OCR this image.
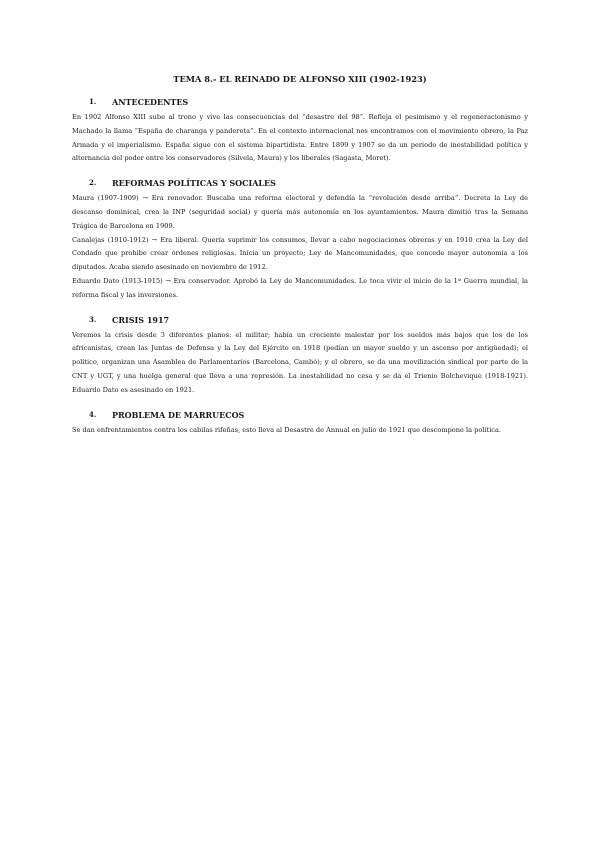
TEMA 8.- EL REINADO DE ALFONSO XIII (1902-1923)
1.	ANTECEDENTES

En 1902 Alfonso XIII sube al trono y vive las consecuencias del “desastre del 98”. Refleja el pesimismo y el regeneracionismo y Machado la llama “España de charanga y pandereta”. En el contexto internacional nos encontramos con el movimiento obrero, la Paz Armada y el imperialismo. España sigue con el sistema bipartidista. Entre 1899 y 1907 se da un periodo de inestabilidad política y alternancia del poder entre los conservadores (Silvela, Maura) y los liberales (Sagasta, Moret).

2.	REFORMAS POLÍTICAS Y SOCIALES

Maura (1907-1909) → Era renovador. Buscaba una reforma electoral y defendía la “revolución desde arriba”. Decreta la Ley de descanso dominical, crea la INP (seguridad social) y quería más autonomía en los ayuntamientos. Maura dimitió tras la Semana Trágica de Barcelona en 1909.

Canalejas (1910-1912) → Era liberal. Quería suprimir los consumos, llevar a cabo negociaciones obreras y en 1910 crea la Ley del Condado que prohibe crear órdenes religiosas. Inicia un proyecto; Ley de Mancomunidades, que concede mayor autonomía a los diputados. Acaba siendo asesinado en noviembre de 1912.

Eduardo Dato (1913-1915) → Era conservador. Aprobó la Ley de Mancomunidades. Le toca vivir el inicio de la 1ª Guerra mundial, la reforma fiscal y las inversiones.

3.	CRISIS 1917

Veremos la crisis desde 3 diferentes planos: el militar; había un creciente malestar por los sueldos más bajos que los de los africanistas, crean las Juntas de Defensa y la Ley del Ejército en 1918 (pedían un mayor sueldo y un ascenso por antigüedad); el político, organizan una Asamblea de Parlamentarios (Barcelona, Cambó); y el obrero, se da una movilización sindical por parte de la CNT y UGT, y una huelga general que lleva a una represión. La inestabilidad no cesa y se da el Trienio Bolchevique (1918-1921). Eduardo Dato es asesinado en 1921.

4.	PROBLEMA DE MARRUECOS

Se dan enfrentamientos contra los cabilas rifeñas, esto lleva al Desastre de Annual en julio de 1921 que descompone la política.
